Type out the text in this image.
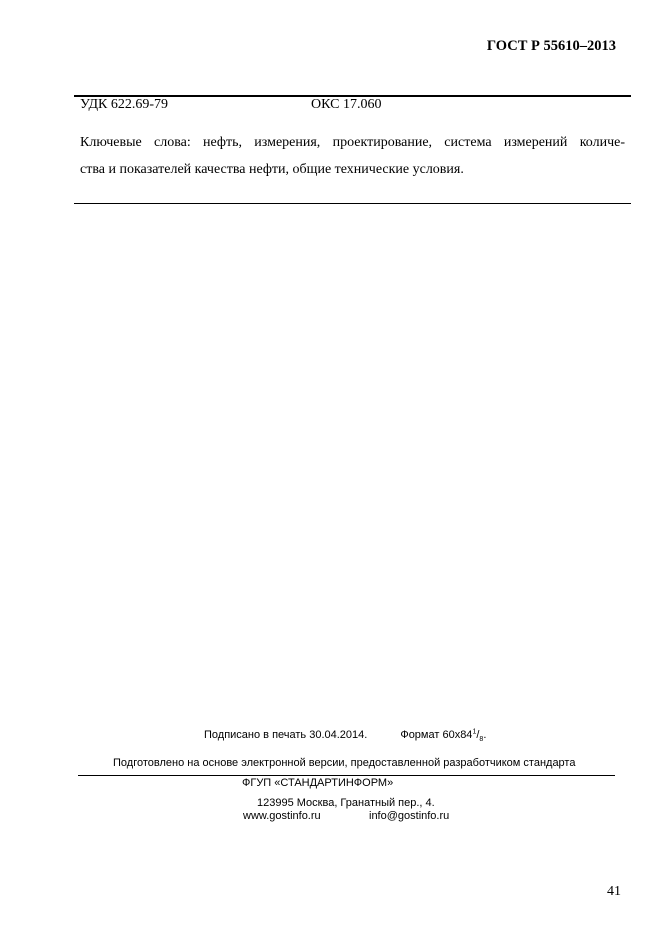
ГОСТ Р 55610–2013
УДК 622.69-79	ОКС 17.060
Ключевые слова: нефть, измерения, проектирование, система измерений количе-
ства и показателей качества нефти, общие технические условия.
Подписано в печать 30.04.2014.	Формат $60x84^1/_8$.
Подготовлено на основе электронной версии, предоставленной разработчиком стандарта
ФГУП «СТАНДАРТИНФОРМ»
123995 Москва, Гранатный пер., 4.
www.gostinfo.ru	info@gostinfo.ru
41
